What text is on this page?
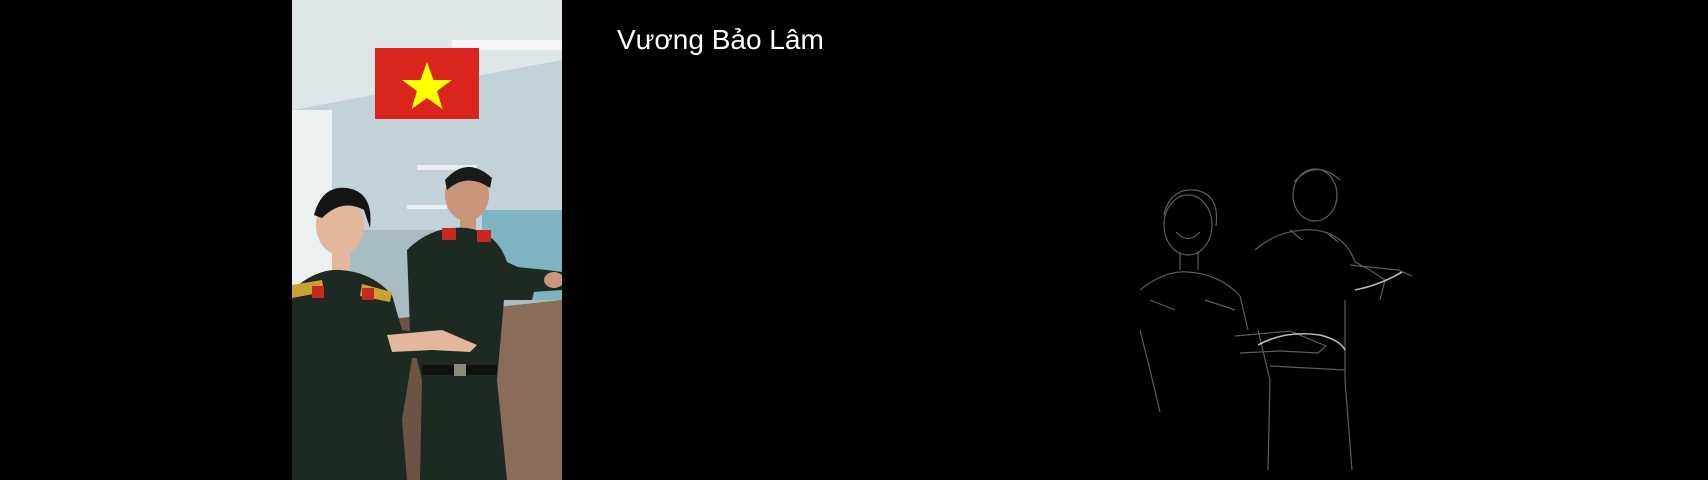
Vương Bảo Lâm
